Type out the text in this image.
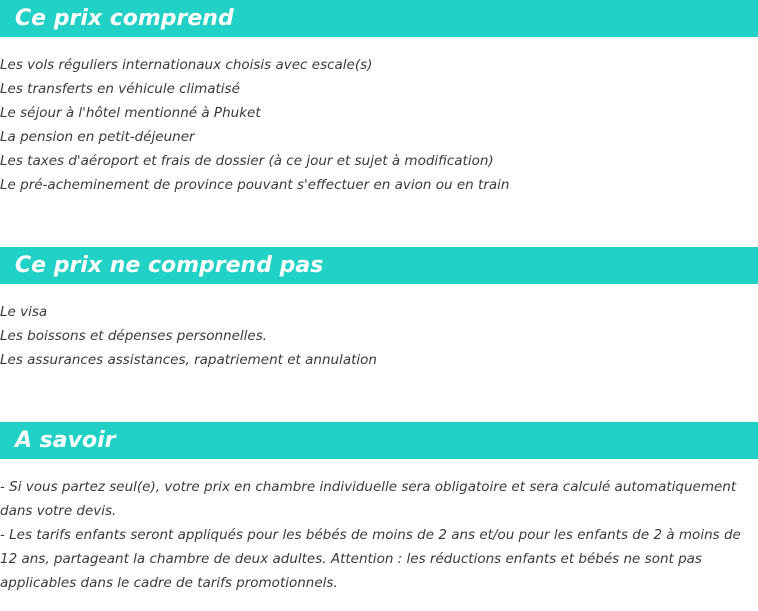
Ce prix comprend
Les vols réguliers internationaux choisis avec escale(s)
Les transferts en véhicule climatisé
Le séjour à l'hôtel mentionné à Phuket
La pension en petit-déjeuner
Les taxes d'aéroport et frais de dossier (à ce jour et sujet à modification)
Le pré-acheminement de province pouvant s'effectuer en avion ou en train
Ce prix ne comprend pas
Le visa
Les boissons et dépenses personnelles.
Les assurances assistances, rapatriement et annulation
A savoir

- Si vous partez seul(e), votre prix en chambre individuelle sera obligatoire et sera calculé automatiquement dans votre devis.

- Les tarifs enfants seront appliqués pour les bébés de moins de 2 ans et/ou pour les enfants de 2 à moins de 12 ans, partageant la chambre de deux adultes. Attention : les réductions enfants et bébés ne sont pas applicables dans le cadre de tarifs promotionnels.
